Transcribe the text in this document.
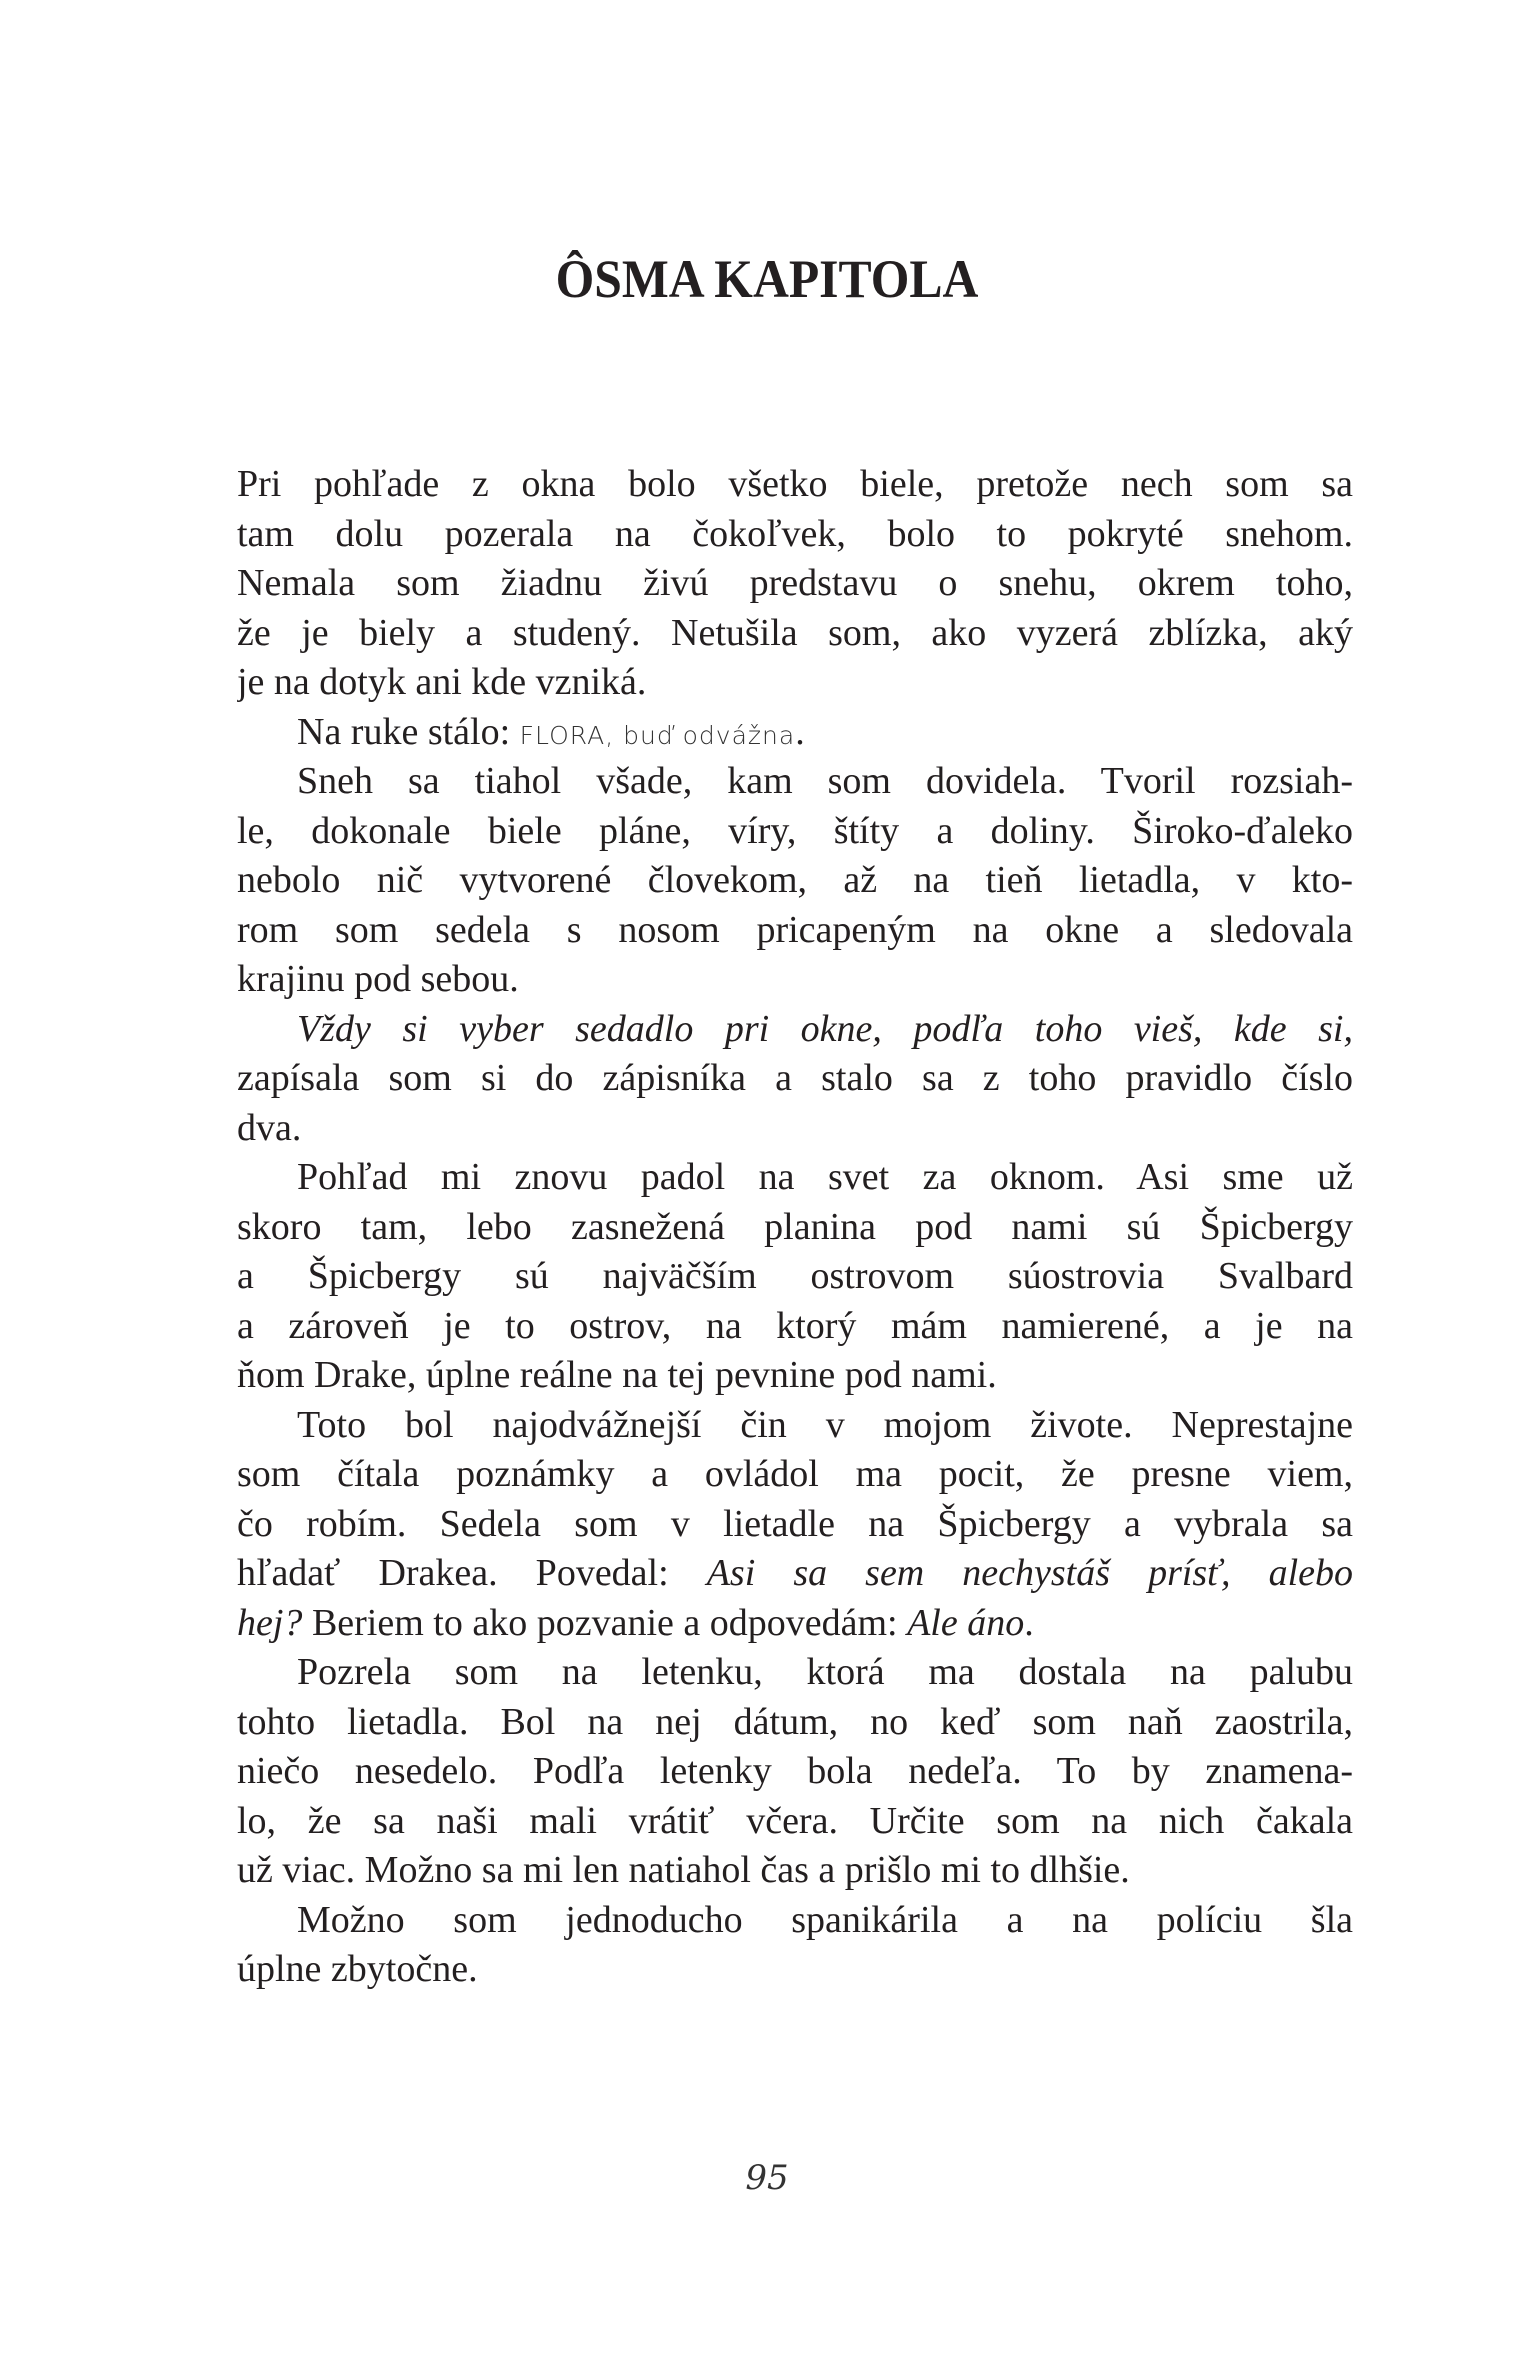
ÔSMA KAPITOLA
Pri pohľade z okna bolo všetko biele, pretože nech som sa
tam dolu pozerala na čokoľvek, bolo to pokryté snehom.
Nemala som žiadnu živú predstavu o snehu, okrem toho,
že je biely a studený. Netušila som, ako vyzerá zblízka, aký
je na dotyk ani kde vzniká.
Na ruke stálo: FLORA, buď odvážna.
Sneh sa tiahol všade, kam som dovidela. Tvoril rozsiah-
le, dokonale biele pláne, víry, štíty a doliny. Široko-ďaleko
nebolo nič vytvorené človekom, až na tieň lietadla, v kto-
rom som sedela s nosom pricapeným na okne a sledovala
krajinu pod sebou.
Vždy si vyber sedadlo pri okne, podľa toho vieš, kde si,
zapísala som si do zápisníka a stalo sa z toho pravidlo číslo
dva.
Pohľad mi znovu padol na svet za oknom. Asi sme už
skoro tam, lebo zasnežená planina pod nami sú Špicbergy
a Špicbergy sú najväčším ostrovom súostrovia Svalbard
a zároveň je to ostrov, na ktorý mám namierené, a je na
ňom Drake, úplne reálne na tej pevnine pod nami.
Toto bol najodvážnejší čin v mojom živote. Neprestajne
som čítala poznámky a ovládol ma pocit, že presne viem,
čo robím. Sedela som v lietadle na Špicbergy a vybrala sa
hľadať Drakea. Povedal: Asi sa sem nechystáš prísť, alebo
hej? Beriem to ako pozvanie a odpovedám: Ale áno.
Pozrela som na letenku, ktorá ma dostala na palubu
tohto lietadla. Bol na nej dátum, no keď som naň zaostrila,
niečo nesedelo. Podľa letenky bola nedeľa. To by znamena-
lo, že sa naši mali vrátiť včera. Určite som na nich čakala
už viac. Možno sa mi len natiahol čas a prišlo mi to dlhšie.
Možno som jednoducho spanikárila a na políciu šla
úplne zbytočne.
95
